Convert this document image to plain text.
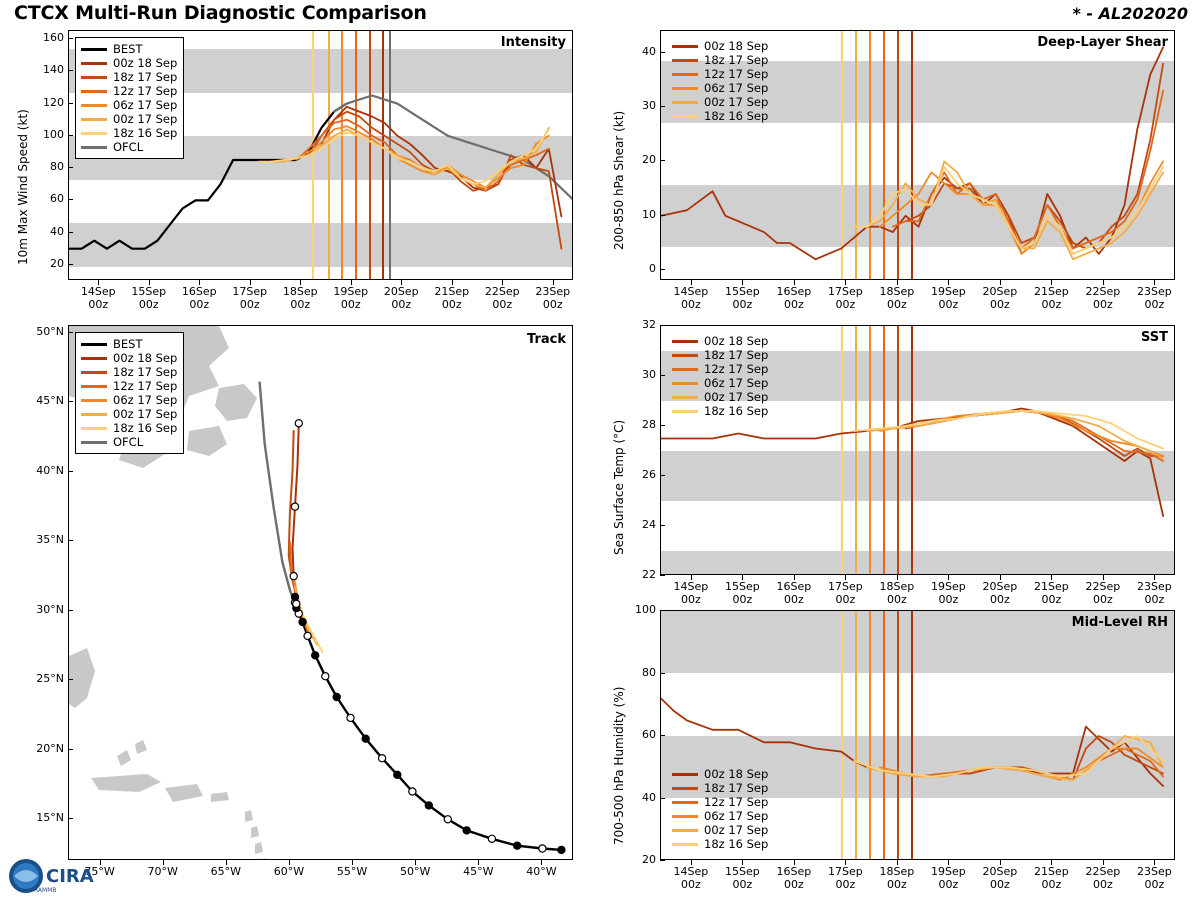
CTCX Multi-Run Diagnostic Comparison	* - AL202020
10m Max Wind Speed (kt)
Intensity
BEST
00z 18 Sep
18z 17 Sep
12z 17 Sep
06z 17 Sep
00z 17 Sep
18z 16 Sep
OFCL
20
40
60
80
100
120
140
160
14Sep
00z
15Sep
00z
16Sep
00z
17Sep
00z
18Sep
00z
19Sep
00z
20Sep
00z
21Sep
00z
22Sep
00z
23Sep
00z
200-850 hPa Shear (kt)
Deep-Layer Shear
00z 18 Sep
18z 17 Sep
12z 17 Sep
06z 17 Sep
00z 17 Sep
18z 16 Sep
0
10
20
30
40
14Sep
00z
15Sep
00z
16Sep
00z
17Sep
00z
18Sep
00z
19Sep
00z
20Sep
00z
21Sep
00z
22Sep
00z
23Sep
00z
Track
BEST
00z 18 Sep
18z 17 Sep
12z 17 Sep
06z 17 Sep
00z 17 Sep
18z 16 Sep
OFCL
15°N
20°N
25°N
30°N
35°N
40°N
45°N
50°N
75°W	70°W	65°W	60°W	55°W	50°W	45°W	40°W
Sea Surface Temp (°C)
SST
00z 18 Sep
18z 17 Sep
12z 17 Sep
06z 17 Sep
00z 17 Sep
18z 16 Sep
22
24
26
28
30
32
14Sep
00z
15Sep
00z
16Sep
00z
17Sep
00z
18Sep
00z
19Sep
00z
20Sep
00z
21Sep
00z
22Sep
00z
23Sep
00z
700-500 hPa Humidity (%)
Mid-Level RH
00z 18 Sep
18z 17 Sep
12z 17 Sep
06z 17 Sep
00z 17 Sep
18z 16 Sep
20
40
60
80
100
14Sep
00z
15Sep
00z
16Sep
00z
17Sep
00z
18Sep
00z
19Sep
00z
20Sep
00z
21Sep
00z
22Sep
00z
23Sep
00z
CIRA
RAMMB
